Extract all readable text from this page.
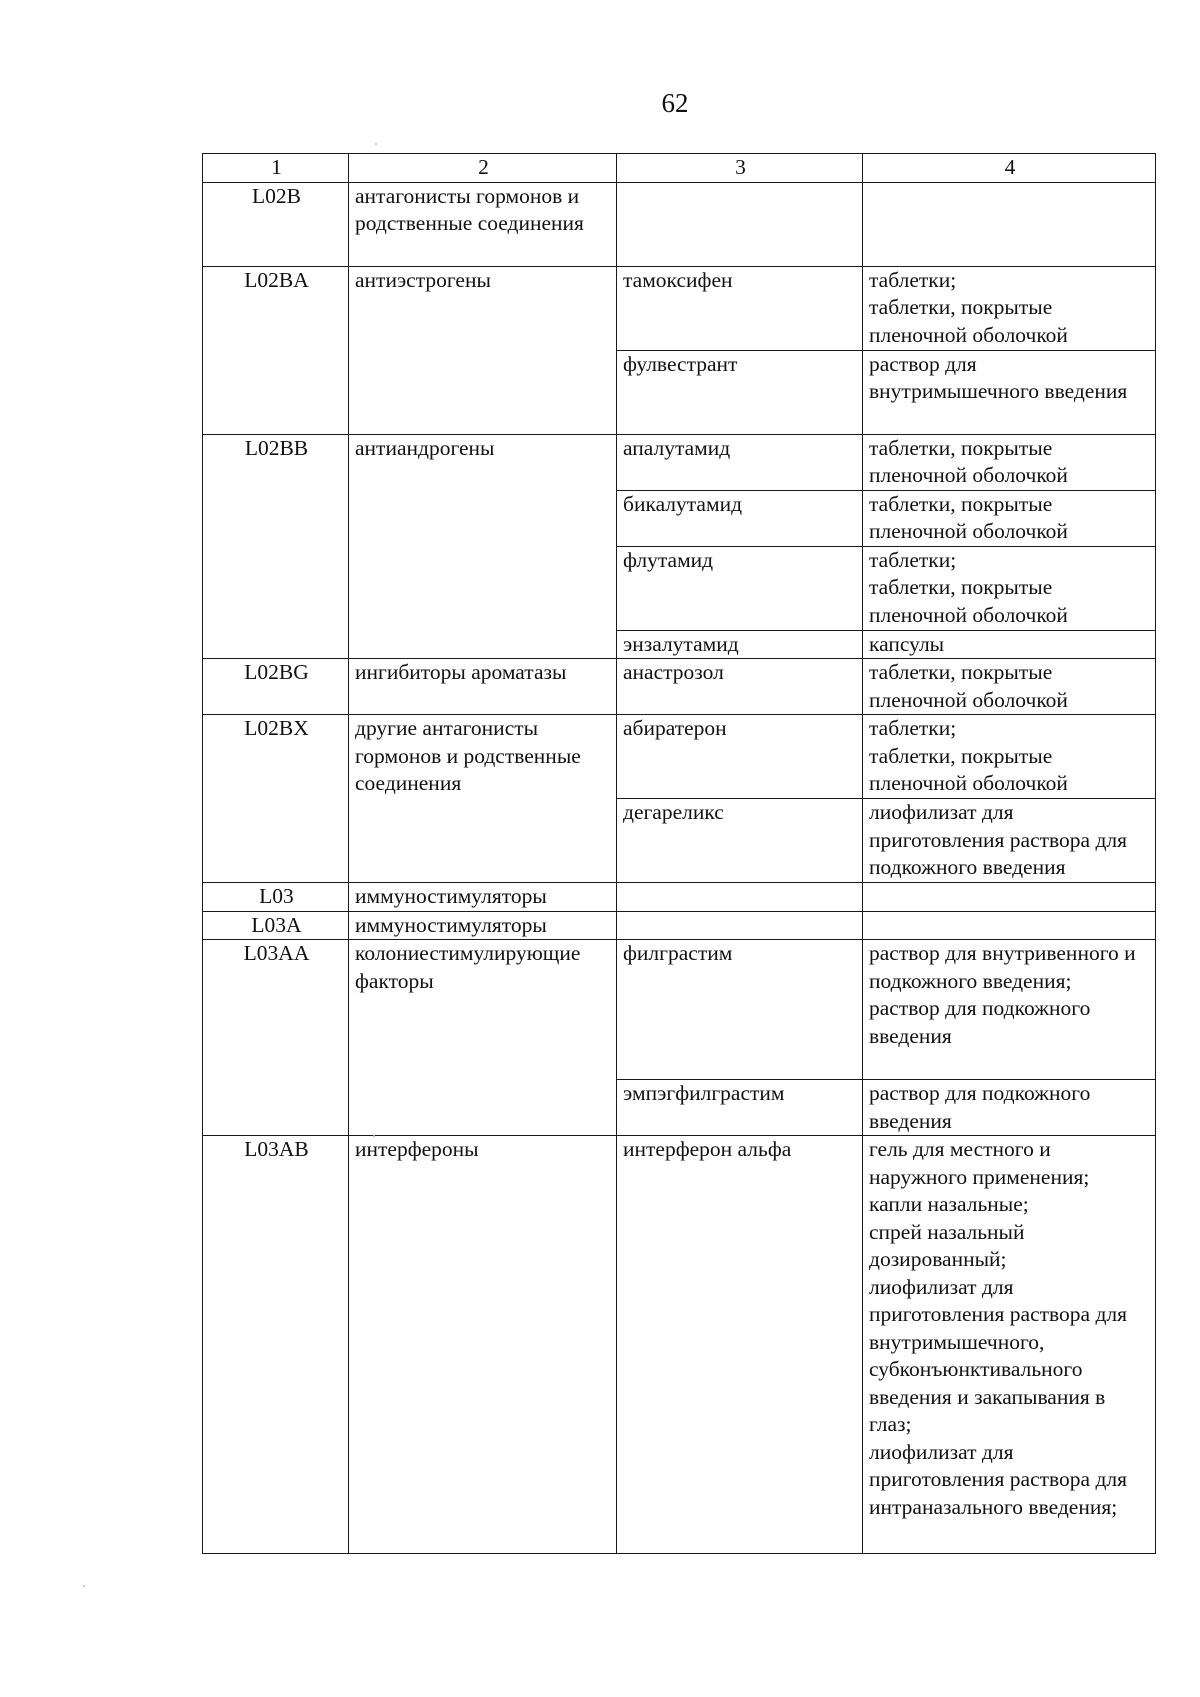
62
1	2	3	4
L02B	антагонисты гормонов и родственные соединения		
L02BA	антиэстрогены	тамоксифен	таблетки;
таблетки, покрытые пленочной оболочкой
		фулвестрант	раствор для внутримышечного введения
L02BB	антиандрогены	апалутамид	таблетки, покрытые пленочной оболочкой
		бикалутамид	таблетки, покрытые пленочной оболочкой
		флутамид	таблетки;
таблетки, покрытые пленочной оболочкой
		энзалутамид	капсулы
L02BG	ингибиторы ароматазы	анастрозол	таблетки, покрытые пленочной оболочкой
L02BX	другие антагонисты гормонов и родственные соединения	абиратерон	таблетки;
таблетки, покрытые пленочной оболочкой
		дегареликс	лиофилизат для приготовления раствора для подкожного введения
L03	иммуностимуляторы		
L03A	иммуностимуляторы		
L03AA	колониестимулирующие факторы	филграстим	раствор для внутривенного и подкожного введения;
раствор для подкожного введения
		эмпэгфилграстим	раствор для подкожного введения
L03AB	интерфероны	интерферон альфа	гель для местного и наружного применения;
капли назальные;
спрей назальный дозированный;
лиофилизат для приготовления раствора для внутримышечного, субконъюнктивального введения и закапывания в глаз;
лиофилизат для приготовления раствора для интраназального введения;
